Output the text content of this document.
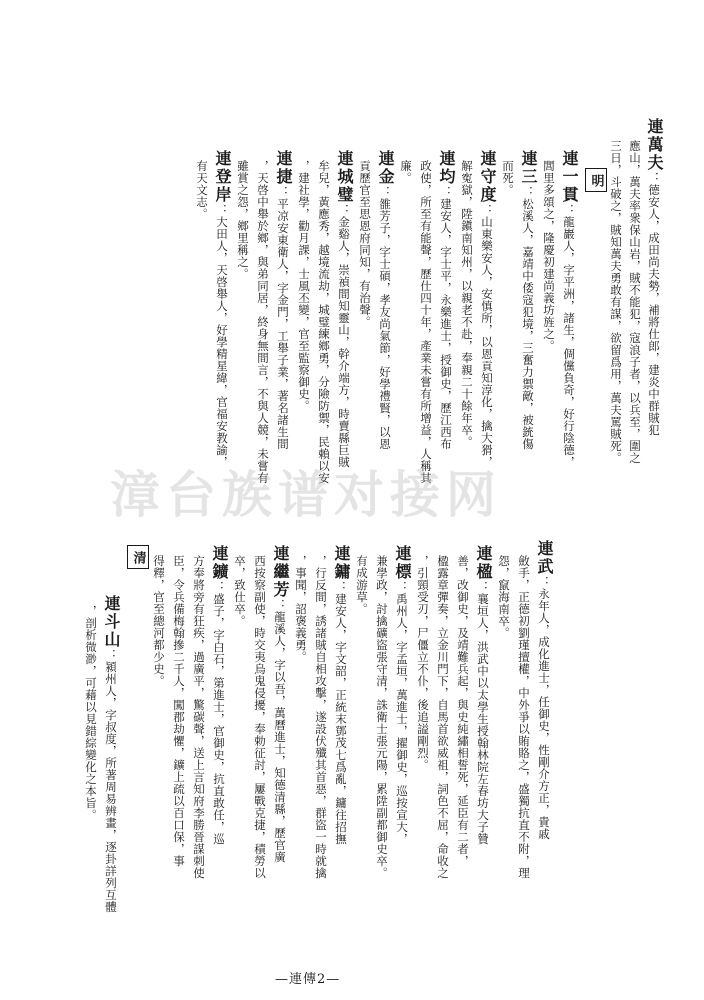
連萬夫：德安人，成田尚夫勢，補將仕郎，建炎中群賊犯
應山，萬夫率衆保山岩，賊不能犯，寇浪子者，以兵至，圍之
三日，斗破之，賊知萬夫勇敢有謀，欲留爲用，萬夫罵賊死。
明
連一貫：龍巖人，字平洲，諸生，倜儻負奇，好行陰德，
閭里多頌之，隆慶初建尚義坊旌之。
連三：松溪人，嘉靖中倭寇犯境，三奮力禦敵，被銃傷
而死。
連守度：山東樂安人，安慎所，以恩貢知淳化，擒大猾，
解寃獄，陞鎭南知州，以親老不赴，奉親二十餘年卒。
連均：建安人，字士平，永樂進士，授御史，歷江西布
政使，所至有能聲，歷仕四十年，產業未嘗有所增益，人稱其
廉。
連金：雒芳子，字士碩，孝友尚氣節，好學禮賢，以恩
貢歷官至思恩府同知，有治聲。
連城璧：金谿人，崇禎間知靈山，幹介端方，時賣縣巨賊
牟兒，黃應秀，越境流劫，城璧練鄉勇，分險防禦，民賴以安
，建社學，勸月課，士風丕變，官至監察御史。
連捷：平凉安東衛人，字金門，工舉子業，著名諸生間
，天啓中舉於鄉，與弟同居，終身無間言，不與人競，未嘗有
雖賞之怨，鄉里稱之。
連登岸：大田人，天啓舉人，好學精星緯，官福安教諭，
有天文志。
連武：永年人，成化進士，任御史，性剛介方正，貴戚
斂手，正德初劉瑾擅權，中外爭以賄賂之，盛獨抗直不附，理
怨，竄海南卒。
連楹：襄垣人，洪武中以太學生授翰林院左春坊大子贊
善，改御史，及靖難兵起，與史純繡相誓死，延臣有二者，
楹露章彈奏，立金川門下，自馬首欲威祖，詞色不屈，命收之
，引頸受刃，尸僵立不仆，後追謚剛烈。
連標：禹州人，字孟垣，萬進士，擢御史，巡按宣大，
兼學政，討擒礦盜張守清，誅衛士張元陽，累陞副都御史卒。
有成游草。
連鏞：建安人，字文韶，正統末鄧茂七爲亂，鏞往招撫
，行反間，誘諸賊自相攻擊，遂設伏殲其首惡，群盜一時就擒
，事聞，詔褒義勇。
連繼芳：龍溪人，字以吾，萬曆進士，知德清縣，歷官廣
西按察副使，時交夷烏鬼侵擾，奉勅征討，屢戰克捷，積勞以
卒，致仕卒。
連鑛：盛子，字白石，第進士，官御史，抗直敢任，巡
方奉將旁有狂疾，過廣平，驚碳聲，送上言知府李勝晉謀刺使
臣，令兵備梅翰摻二千人，闖郡劫懼，鑛上疏以百口保，事
得釋，官至總河都少史。
清
連斗山：潁州人，字叔度，所著周易辨畫，逐卦詳列互體
，剖析微渺，可藉以見錯綜變化之本旨。
漳台族谱对接网
—連傳2—
